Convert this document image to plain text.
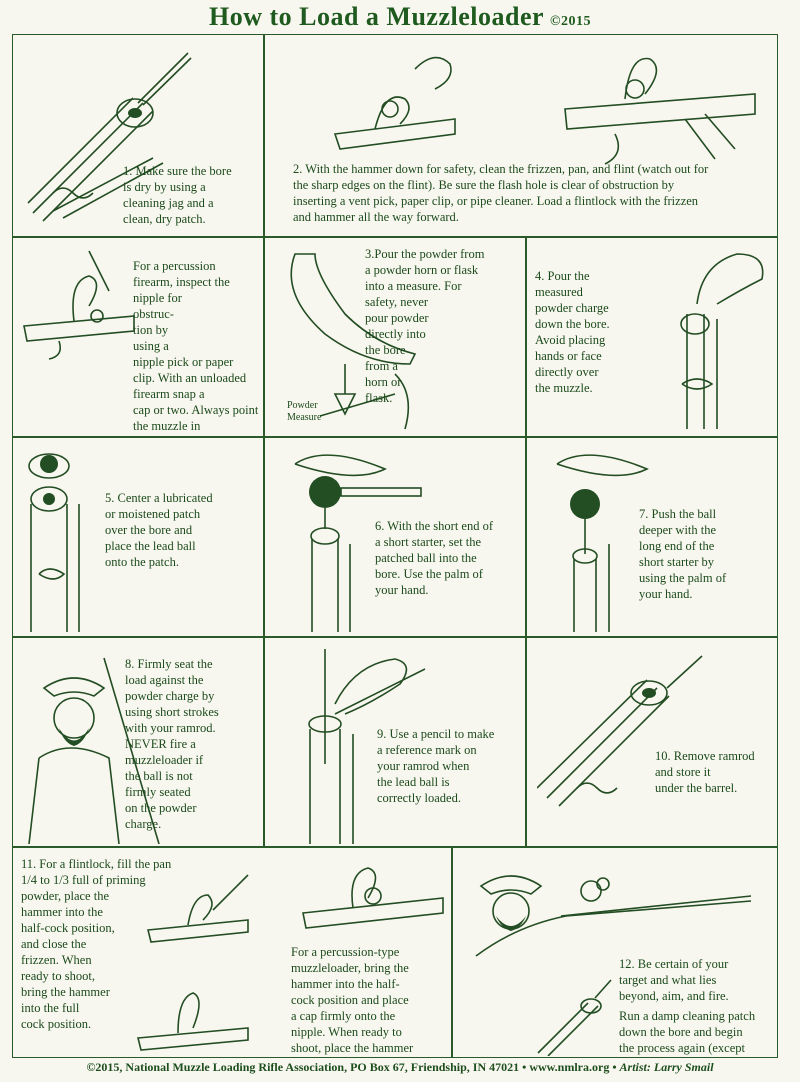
How to Load a Muzzleloader ©2015
1. Make sure the bore
is dry by using a
cleaning jag and a
clean, dry patch.
2. With the hammer down for safety, clean the frizzen, pan, and flint (watch out for
the sharp edges on the flint). Be sure the flash hole is clear of obstruction by
inserting a vent pick, paper clip, or pipe cleaner. Load a flintlock with the frizzen
and hammer all the way forward.
For a percussion
firearm, inspect the
nipple for
obstruc-
tion by
using a
nipple pick or paper
clip. With an unloaded firearm snap a
cap or two. Always point the muzzle in

3.Pour the powder from
a powder horn or flask
into a measure. For
safety, never
pour powder
directly into
the bore
from a
horn or
flask.
Powder
Measure
4. Pour the
measured
powder charge
down the bore.
Avoid placing
hands or face
directly over
the muzzle.
5. Center a lubricated
or moistened patch
over the bore and
place the lead ball
onto the patch.
6. With the short end of
a short starter, set the
patched ball into the
bore. Use the palm of
your hand.
7. Push the ball
deeper with the
long end of the
short starter by
using the palm of
your hand.
8. Firmly seat the
load against the
powder charge by
using short strokes
with your ramrod.
NEVER fire a
muzzleloader if
the ball is not
firmly seated
on the powder
charge.
9. Use a pencil to make
a reference mark on
your ramrod when
the lead ball is
correctly loaded.
10. Remove ramrod
and store it
under the barrel.
11. For a flintlock, fill the pan
1/4 to 1/3 full of priming
powder, place the
hammer into the
half-cock position,
and close the
frizzen. When
ready to shoot,
bring the hammer
into the full
cock position.
For a percussion-type
muzzleloader, bring the
hammer into the half-
cock position and place
a cap firmly onto the
nipple. When ready to
shoot, place the hammer

12. Be certain of your
target and what lies
beyond, aim, and fire.
Run a damp cleaning patch
down the bore and begin
the process again (except

©2015, National Muzzle Loading Rifle Association, PO Box 67, Friendship, IN 47021 • www.nmlra.org • Artist: Larry Smail
